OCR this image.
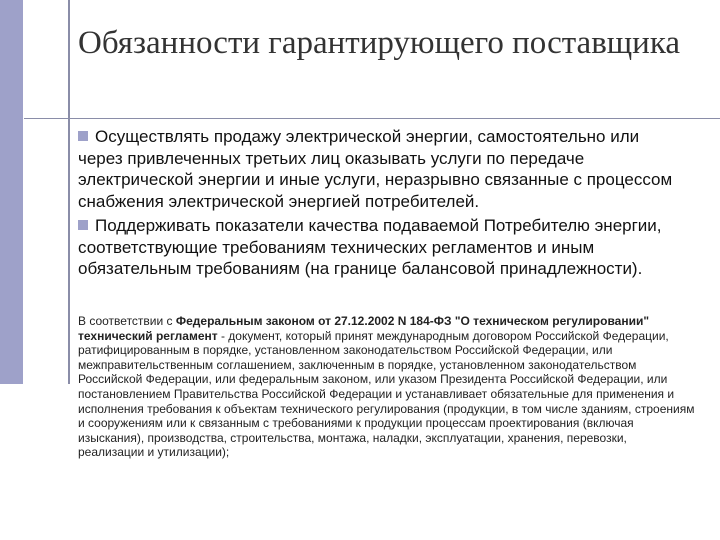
Обязанности гарантирующего поставщика
Осуществлять продажу электрической энергии, самостоятельно или через привлеченных третьих лиц оказывать услуги по передаче электрической энергии и иные услуги, неразрывно связанные с процессом снабжения электрической энергией потребителей.
Поддерживать показатели качества подаваемой Потребителю энергии, соответствующие требованиям технических регламентов и иным обязательным требованиям (на границе балансовой принадлежности).
В соответствии с Федеральным законом от 27.12.2002 N 184-ФЗ "О техническом регулировании" технический регламент - документ, который принят международным договором Российской Федерации, ратифицированным в порядке, установленном законодательством Российской Федерации, или межправительственным соглашением, заключенным в порядке, установленном законодательством Российской Федерации, или федеральным законом, или указом Президента Российской Федерации, или постановлением Правительства Российской Федерации и устанавливает обязательные для применения и исполнения требования к объектам технического регулирования (продукции, в том числе зданиям, строениям и сооружениям или к связанным с требованиями к продукции процессам проектирования (включая изыскания), производства, строительства, монтажа, наладки, эксплуатации, хранения, перевозки, реализации и утилизации);
